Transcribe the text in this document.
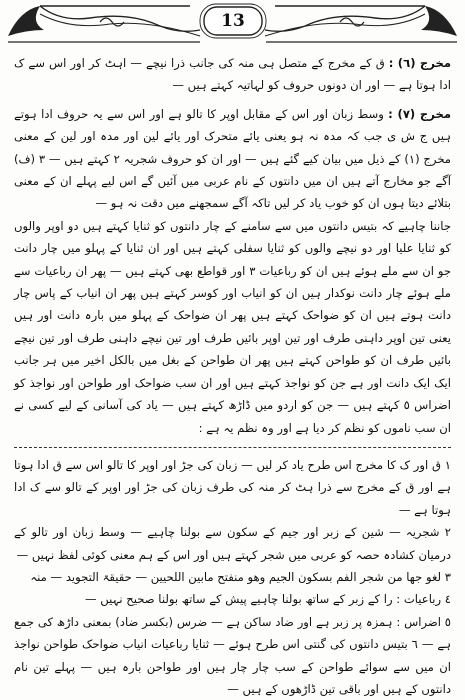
13

مخرج (٦) : ق کے مخرج کے متصل ہی منہ کی جانب ذرا نیچے — اہٹ کر اور اس سے ک ادا ہوتا ہے — اور ان دونوں حروف کو لہاتیہ کہتے ہیں —

مخرج (٧) : وسط زبان اور اس کے مقابل اوپر کا تالو ہے اور اس سے یہ حروف ادا ہوتے ہیں ج ش ی جب کہ مدہ نہ ہو یعنی یائے متحرک اور یائے لین اور مدہ اور لین کے معنی مخرج (١) کے ذیل میں بیان کیے گئے ہیں — اور ان کو حروف شجریہ ٢ کہتے ہیں — ٣ (ف) آگے جو مخارج آتے ہیں ان میں دانتوں کے نام عربی میں آئیں گے اس لیے پہلے ان کے معنی بتلائے دیتا ہوں ان کو خوب یاد کر لیں تاکہ آگے سمجھنے میں دقت نہ ہو —

جاننا چاہیے کہ بتیس دانتوں میں سے سامنے کے چار دانتوں کو ثنایا کہتے ہیں دو اوپر والوں کو ثنایا علیا اور دو نیچے والوں کو ثنایا سفلی کہتے ہیں اور ان ثنایا کے پہلو میں چار دانت جو ان سے ملے ہوئے ہیں ان کو رباعیات ٣ اور قواطع بھی کہتے ہیں — پھر ان رباعیات سے ملے ہوئے چار دانت نوکدار ہیں ان کو انیاب اور کوسر کہتے ہیں پھر ان انیاب کے پاس چار دانت ہوتے ہیں ان کو ضواحک کہتے ہیں پھر ان ضواحک کے پہلو میں بارہ دانت اور ہیں یعنی تین اوپر داہنی طرف اور تین اوپر بائیں طرف اور تین نیچے داہنی طرف اور تین نیچے بائیں طرف ان کو طواحن کہتے ہیں پھر ان طواحن کے بغل میں بالکل اخیر میں ہر جانب ایک ایک دانت اور ہے جن کو نواجذ کہتے ہیں اور ان سب ضواحک اور طواحن اور نواجذ کو اضراس ٥ کہتے ہیں — جن کو اردو میں ڈاڑھ کہتے ہیں — یاد کی آسانی کے لیے کسی نے ان سب ناموں کو نظم کر دیا ہے اور وہ نظم یہ ہے :

١ ق اور ک کا مخرج اس طرح یاد کر لیں — زبان کی جڑ اور اوپر کا تالو اس سے ق ادا ہوتا ہے اور ق کے مخرج سے ذرا ہٹ کر منہ کی طرف زبان کی جڑ اور اوپر کے تالو سے ک ادا ہوتا ہے —

٢ شجریہ — شین کے زبر اور جیم کے سکون سے بولنا چاہیے — وسط زبان اور تالو کے درمیان کشادہ حصہ کو عربی میں شجر کہتے ہیں اور اس کے ہم معنی کوئی لفظ نہیں —

٣ لغو جھا من شجر الفم بسکون الجیم وھو منفتح مابین اللحیین — حقیقۃ التجوید — منہ

٤ رباعیات : را کے زبر کے ساتھ بولنا چاہیے پیش کے ساتھ بولنا صحیح نہیں —

٥ اضراس : ہمزہ پر زبر ہے اور ضاد ساکن ہے — ضرس (بکسر ضاد) بمعنی داڑھ کی جمع ہے — ٦ بتیس دانتوں کی گنتی اس طرح ہوئے — ثنایا رباعیات انیاب ضواحک طواحن نواجذ ان میں سے سوائے طواحن کے سب چار چار ہیں اور طواحن بارہ ہیں — پہلے تین نام دانتوں کے ہیں اور باقی تین ڈاڑھوں کے ہیں —
